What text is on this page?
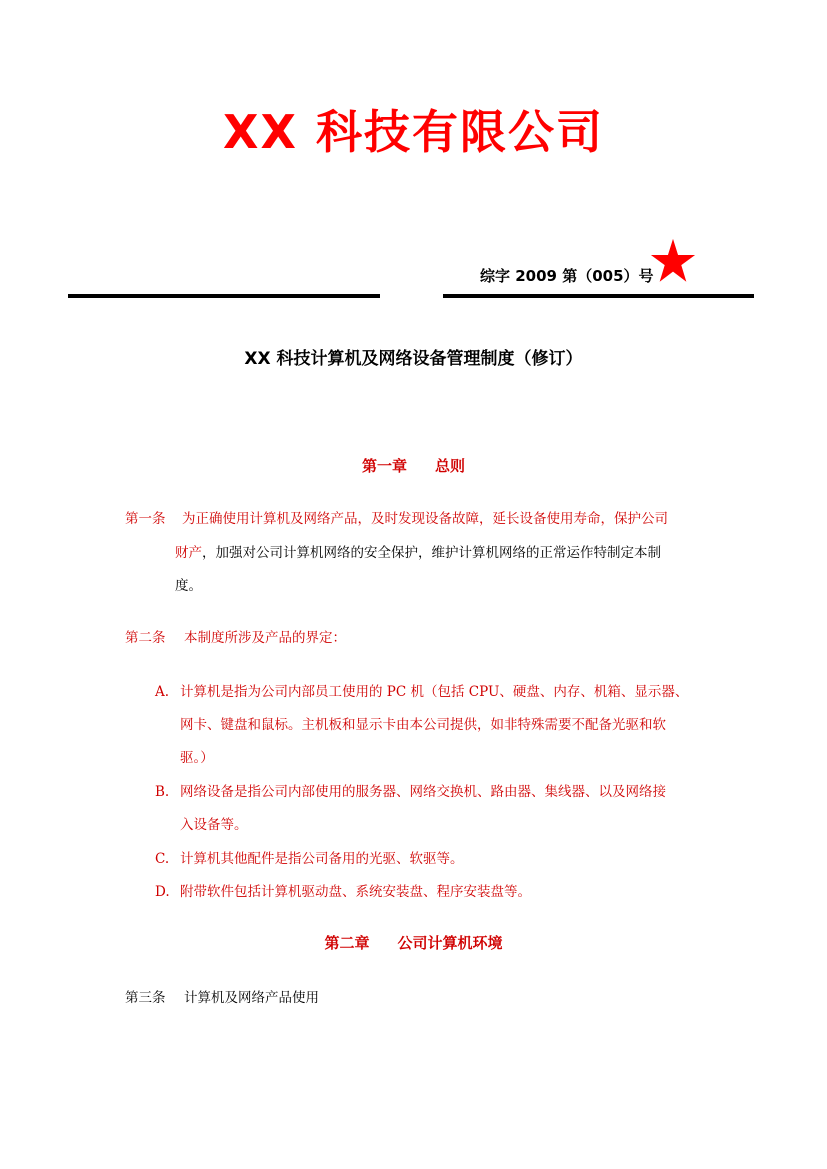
XX 科技有限公司
综字 2009 第（005）号
XX 科技计算机及网络设备管理制度（修订）
第一章 总则
第一条 为正确使用计算机及网络产品，及时发现设备故障，延长设备使用寿命，保护公司
财产，加强对公司计算机网络的安全保护，维护计算机网络的正常运作特制定本制
度。
第二条 本制度所涉及产品的界定：
A. 计算机是指为公司内部员工使用的 PC 机（包括 CPU、硬盘、内存、机箱、显示器、
网卡、键盘和鼠标。主机板和显示卡由本公司提供，如非特殊需要不配备光驱和软
驱。）
B. 网络设备是指公司内部使用的服务器、网络交换机、路由器、集线器、以及网络接
入设备等。
C. 计算机其他配件是指公司备用的光驱、软驱等。
D. 附带软件包括计算机驱动盘、系统安装盘、程序安装盘等。
第二章 公司计算机环境
第三条 计算机及网络产品使用
